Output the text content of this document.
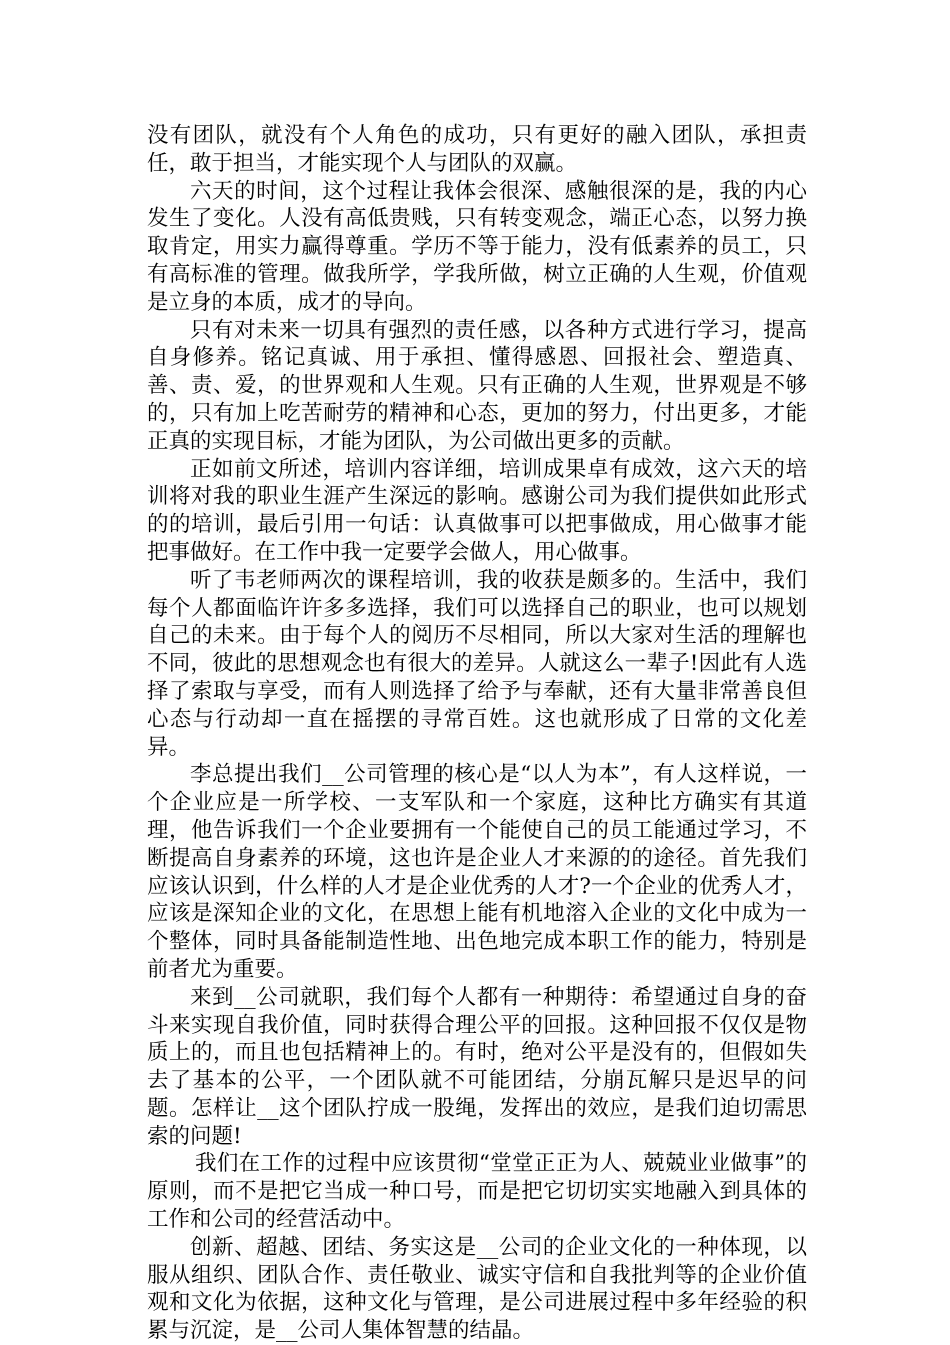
没有团队，就没有个人角色的成功，只有更好的融入团队，承担责任，敢于担当，才能实现个人与团队的双赢。

六天的时间，这个过程让我体会很深、感触很深的是，我的内心发生了变化。人没有高低贵贱，只有转变观念，端正心态，以努力换取肯定，用实力赢得尊重。学历不等于能力，没有低素养的员工，只有高标准的管理。做我所学，学我所做，树立正确的人生观，价值观是立身的本质，成才的导向。

只有对未来一切具有强烈的责任感，以各种方式进行学习，提高自身修养。铭记真诚、用于承担、懂得感恩、回报社会、塑造真、善、责、爱，的世界观和人生观。只有正确的人生观，世界观是不够的，只有加上吃苦耐劳的精神和心态，更加的努力，付出更多，才能正真的实现目标，才能为团队，为公司做出更多的贡献。

正如前文所述，培训内容详细，培训成果卓有成效，这六天的培训将对我的职业生涯产生深远的影响。感谢公司为我们提供如此形式的的培训，最后引用一句话：认真做事可以把事做成，用心做事才能把事做好。在工作中我一定要学会做人，用心做事。

听了韦老师两次的课程培训，我的收获是颇多的。生活中，我们每个人都面临许许多多选择，我们可以选择自己的职业，也可以规划自己的未来。由于每个人的阅历不尽相同，所以大家对生活的理解也不同，彼此的思想观念也有很大的差异。人就这么一辈子!因此有人选择了索取与享受，而有人则选择了给予与奉献，还有大量非常善良但心态与行动却一直在摇摆的寻常百姓。这也就形成了日常的文化差异。

李总提出我们__公司管理的核心是“以人为本”，有人这样说，一个企业应是一所学校、一支军队和一个家庭，这种比方确实有其道理，他告诉我们一个企业要拥有一个能使自己的员工能通过学习，不断提高自身素养的环境，这也许是企业人才来源的的途径。首先我们应该认识到，什么样的人才是企业优秀的人才?一个企业的优秀人才，应该是深知企业的文化，在思想上能有机地溶入企业的文化中成为一个整体，同时具备能制造性地、出色地完成本职工作的能力，特别是前者尤为重要。

来到__公司就职，我们每个人都有一种期待：希望通过自身的奋斗来实现自我价值，同时获得合理公平的回报。这种回报不仅仅是物质上的，而且也包括精神上的。有时，绝对公平是没有的，但假如失去了基本的公平，一个团队就不可能团结，分崩瓦解只是迟早的问题。怎样让__这个团队拧成一股绳，发挥出的效应，是我们迫切需思索的问题!

我们在工作的过程中应该贯彻“堂堂正正为人、兢兢业业做事”的原则，而不是把它当成一种口号，而是把它切切实实地融入到具体的工作和公司的经营活动中。

创新、超越、团结、务实这是__公司的企业文化的一种体现，以服从组织、团队合作、责任敬业、诚实守信和自我批判等的企业价值观和文化为依据，这种文化与管理，是公司进展过程中多年经验的积累与沉淀，是__公司人集体智慧的结晶。
